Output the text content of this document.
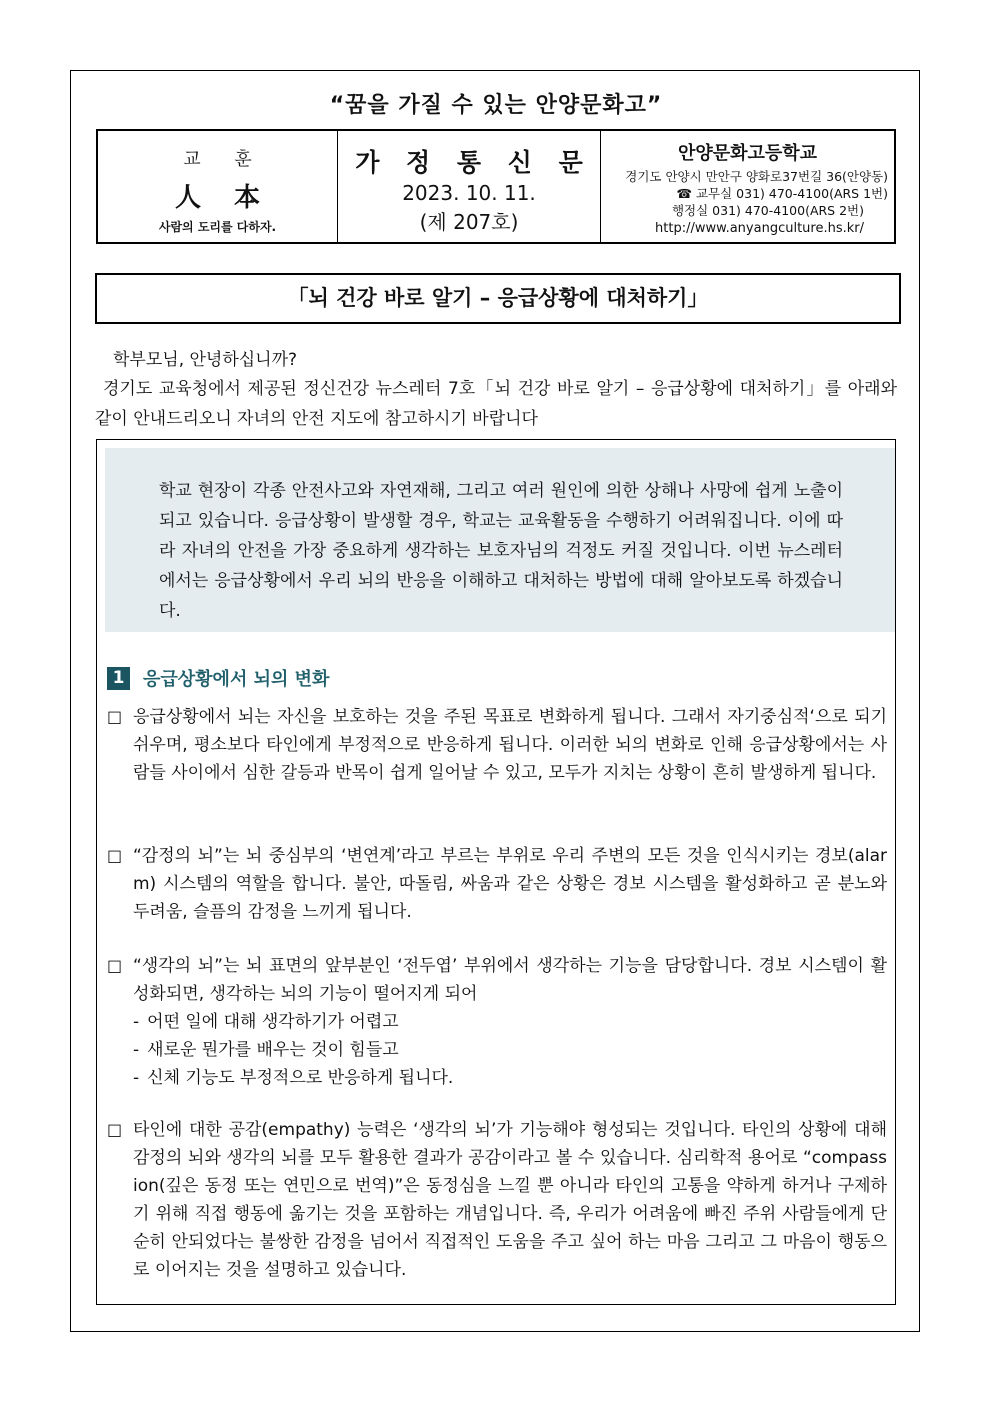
“꿈을 가질 수 있는 안양문화고”
교 훈
人 本
사람의 도리를 다하자.
가 정 통 신 문
2023. 10. 11.
(제 207호)
안양문화고등학교
경기도 안양시 만안구 양화로37번길 36(안양동)
☎ 교무실 031) 470-4100(ARS 1번)
행정실 031) 470-4100(ARS 2번)
http://www.anyangculture.hs.kr/
「뇌 건강 바로 알기 – 응급상황에 대처하기」
학부모님, 안녕하십니까?
경기도 교육청에서 제공된 정신건강 뉴스레터 7호「뇌 건강 바로 알기 – 응급상황에 대처하기」를 아래와 같이 안내드리오니 자녀의 안전 지도에 참고하시기 바랍니다
학교 현장이 각종 안전사고와 자연재해, 그리고 여러 원인에 의한 상해나 사망에 쉽게 노출이 되고 있습니다. 응급상황이 발생할 경우, 학교는 교육활동을 수행하기 어려워집니다. 이에 따라 자녀의 안전을 가장 중요하게 생각하는 보호자님의 걱정도 커질 것입니다. 이번 뉴스레터에서는 응급상황에서 우리 뇌의 반응을 이해하고 대처하는 방법에 대해 알아보도록 하겠습니다.
1	응급상황에서 뇌의 변화
□ 응급상황에서 뇌는 자신을 보호하는 것을 주된 목표로 변화하게 됩니다. 그래서 자기중심적‘으로 되기 쉬우며, 평소보다 타인에게 부정적으로 반응하게 됩니다. 이러한 뇌의 변화로 인해 응급상황에서는 사람들 사이에서 심한 갈등과 반목이 쉽게 일어날 수 있고, 모두가 지치는 상황이 흔히 발생하게 됩니다.
□ “감정의 뇌”는 뇌 중심부의 ‘변연계’라고 부르는 부위로 우리 주변의 모든 것을 인식시키는 경보(alarm) 시스템의 역할을 합니다. 불안, 따돌림, 싸움과 같은 상황은 경보 시스템을 활성화하고 곧 분노와 두려움, 슬픔의 감정을 느끼게 됩니다.
□ “생각의 뇌”는 뇌 표면의 앞부분인 ‘전두엽’ 부위에서 생각하는 기능을 담당합니다. 경보 시스템이 활성화되면, 생각하는 뇌의 기능이 떨어지게 되어
- 어떤 일에 대해 생각하기가 어렵고
- 새로운 뭔가를 배우는 것이 힘들고
- 신체 기능도 부정적으로 반응하게 됩니다.
□ 타인에 대한 공감(empathy) 능력은 ‘생각의 뇌’가 기능해야 형성되는 것입니다. 타인의 상황에 대해 감정의 뇌와 생각의 뇌를 모두 활용한 결과가 공감이라고 볼 수 있습니다. 심리학적 용어로 “compassion(깊은 동정 또는 연민으로 번역)”은 동정심을 느낄 뿐 아니라 타인의 고통을 약하게 하거나 구제하기 위해 직접 행동에 옮기는 것을 포함하는 개념입니다. 즉, 우리가 어려움에 빠진 주위 사람들에게 단순히 안되었다는 불쌍한 감정을 넘어서 직접적인 도움을 주고 싶어 하는 마음 그리고 그 마음이 행동으로 이어지는 것을 설명하고 있습니다.
